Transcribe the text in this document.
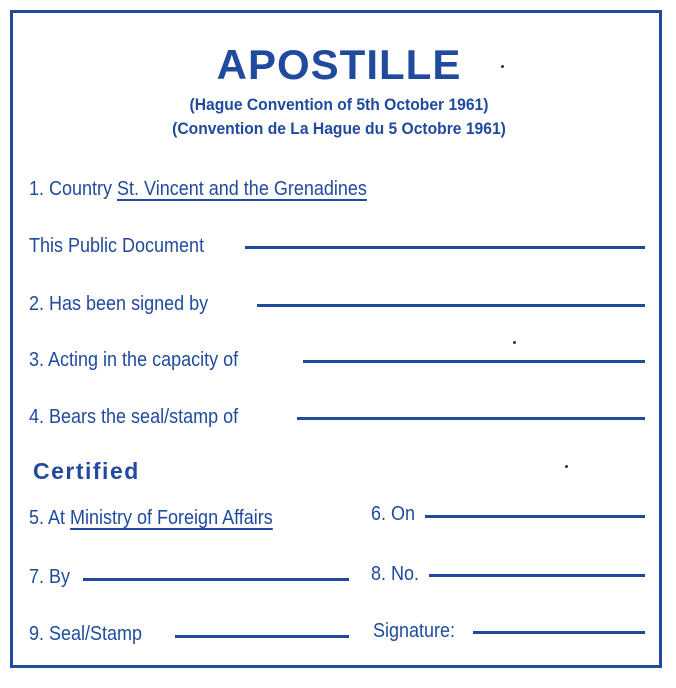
APOSTILLE
(Hague Convention of 5th October 1961)
(Convention de La Hague du 5 Octobre 1961)
1. Country St. Vincent and the Grenadines
This Public Document
2. Has been signed by
3. Acting in the capacity of
4. Bears the seal/stamp of
Certified
5. At Ministry of Foreign Affairs	6. On
7. By	8. No.
9. Seal/Stamp	Signature:
